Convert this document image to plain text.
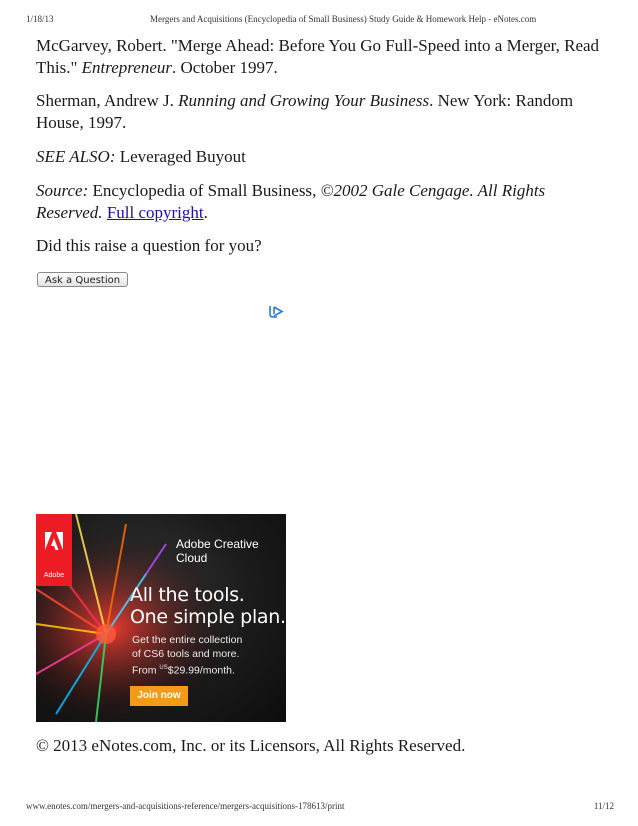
1/18/13	Mergers and Acquisitions (Encyclopedia of Small Business) Study Guide & Homework Help - eNotes.com

McGarvey, Robert. "Merge Ahead: Before You Go Full-Speed into a Merger, Read This." Entrepreneur. October 1997.

Sherman, Andrew J. Running and Growing Your Business. New York: Random House, 1997.

SEE ALSO: Leveraged Buyout

Source: Encyclopedia of Small Business, ©2002 Gale Cengage. All Rights Reserved. Full copyright.

Did this raise a question for you?

Ask a Question
Adobe
Adobe Creative Cloud
All the tools.
One simple plan.
Get the entire collection
of CS6 tools and more.
From $^{US}$\$29.99/month.
Join now
© 2013 eNotes.com, Inc. or its Licensors, All Rights Reserved.
www.enotes.com/mergers-and-acquisitions-reference/mergers-acquisitions-178613/print	11/12
